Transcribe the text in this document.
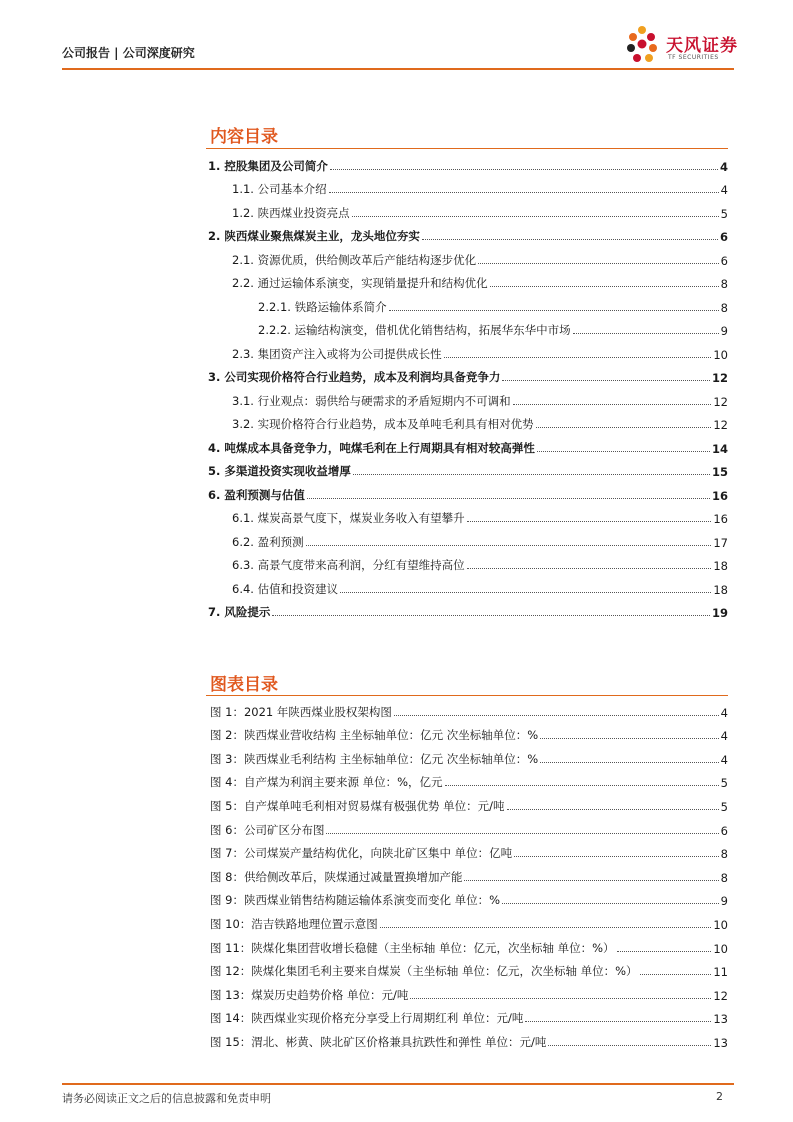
公司报告 | 公司深度研究	天风证券
TF SECURITIES
内容目录
1. 控股集团及公司简介	4
1.1. 公司基本介绍	4
1.2. 陕西煤业投资亮点	5
2. 陕西煤业聚焦煤炭主业，龙头地位夯实	6
2.1. 资源优质，供给侧改革后产能结构逐步优化	6
2.2. 通过运输体系演变，实现销量提升和结构优化	8
2.2.1. 铁路运输体系简介	8
2.2.2. 运输结构演变，借机优化销售结构，拓展华东华中市场	9
2.3. 集团资产注入或将为公司提供成长性	10
3. 公司实现价格符合行业趋势，成本及利润均具备竞争力	12
3.1. 行业观点：弱供给与硬需求的矛盾短期内不可调和	12
3.2. 实现价格符合行业趋势，成本及单吨毛利具有相对优势	12
4. 吨煤成本具备竞争力，吨煤毛利在上行周期具有相对较高弹性	14
5. 多渠道投资实现收益增厚	15
6. 盈利预测与估值	16
6.1. 煤炭高景气度下，煤炭业务收入有望攀升	16
6.2. 盈利预测	17
6.3. 高景气度带来高利润，分红有望维持高位	18
6.4. 估值和投资建议	18
7. 风险提示	19
图表目录
图 1：2021 年陕西煤业股权架构图	4
图 2：陕西煤业营收结构 主坐标轴单位：亿元 次坐标轴单位：%	4
图 3：陕西煤业毛利结构 主坐标轴单位：亿元 次坐标轴单位：%	4
图 4：自产煤为利润主要来源 单位：%，亿元	5
图 5：自产煤单吨毛利相对贸易煤有极强优势 单位：元/吨	5
图 6：公司矿区分布图	6
图 7：公司煤炭产量结构优化，向陕北矿区集中 单位：亿吨	8
图 8：供给侧改革后，陕煤通过减量置换增加产能	8
图 9：陕西煤业销售结构随运输体系演变而变化 单位：%	9
图 10：浩吉铁路地理位置示意图	10
图 11：陕煤化集团营收增长稳健（主坐标轴 单位：亿元，次坐标轴 单位：%）	10
图 12：陕煤化集团毛利主要来自煤炭（主坐标轴 单位：亿元，次坐标轴 单位：%）	11
图 13：煤炭历史趋势价格 单位：元/吨	12
图 14：陕西煤业实现价格充分享受上行周期红利 单位：元/吨	13
图 15：渭北、彬黄、陕北矿区价格兼具抗跌性和弹性 单位：元/吨	13
请务必阅读正文之后的信息披露和免责申明	2
